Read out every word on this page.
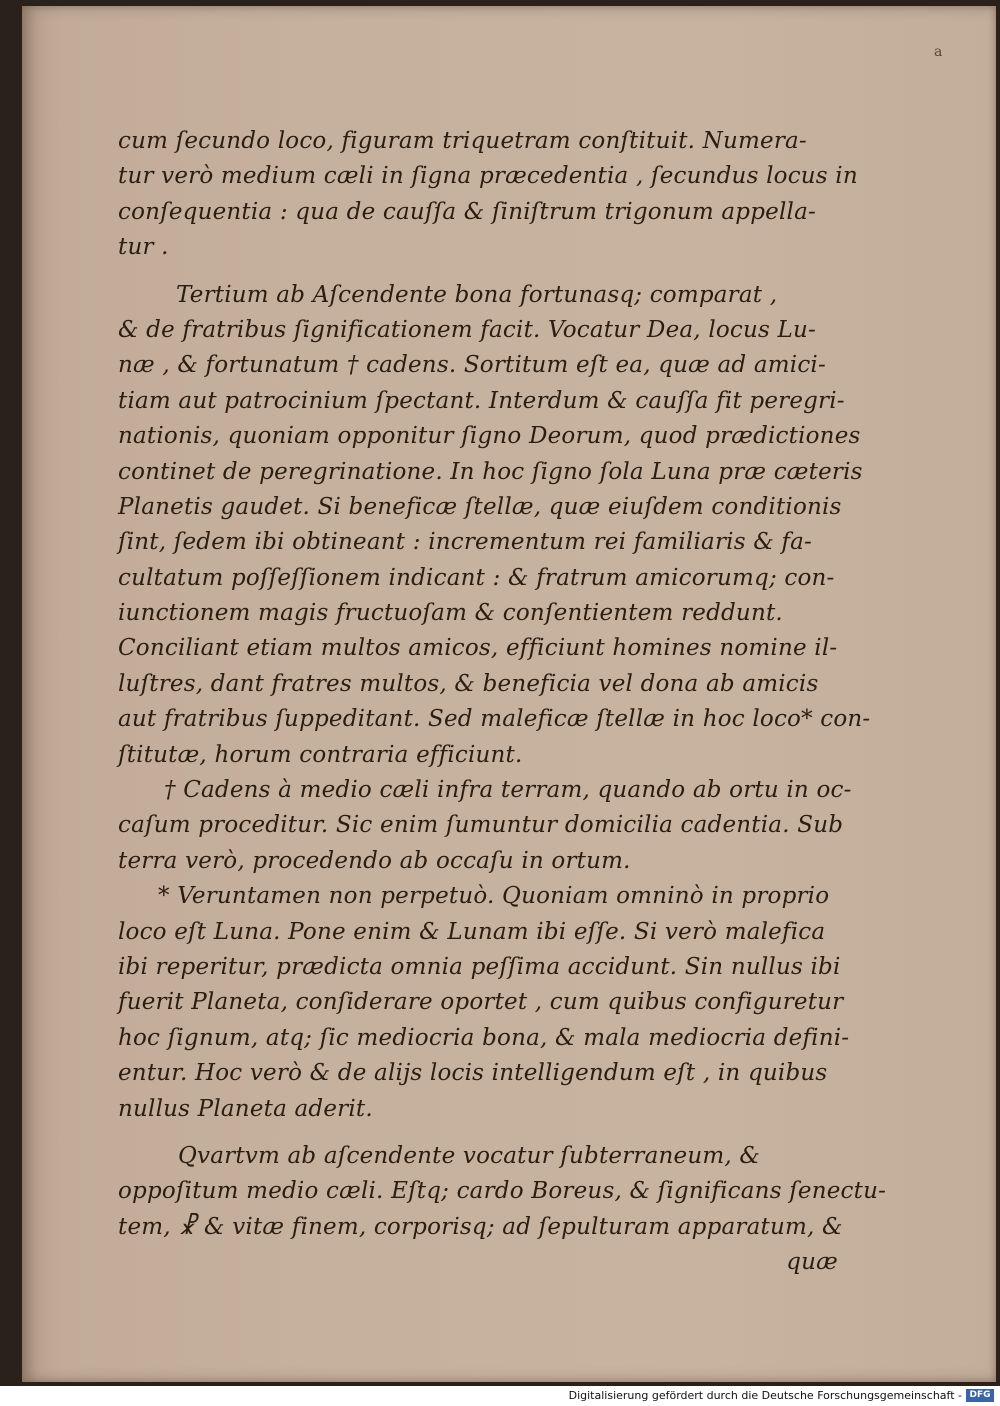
a
cum ſecundo loco, figuram triquetram conſtituit. Numera-
tur verò medium cæli in ſigna præcedentia , ſecundus locus in
conſequentia : qua de cauſſa & ſiniſtrum trigonum appella-
tur .
Tertium ab Aſcendente bona fortunasq; comparat ,
& de fratribus ſignificationem facit. Vocatur Dea, locus Lu-
næ , & fortunatum † cadens. Sortitum eſt ea, quæ ad amici-
tiam aut patrocinium ſpectant. Interdum & cauſſa fit peregri-
nationis, quoniam opponitur ſigno Deorum, quod prædictiones
continet de peregrinatione. In hoc ſigno ſola Luna præ cæteris
Planetis gaudet. Si beneficæ ſtellæ, quæ eiuſdem conditionis
ſint, ſedem ibi obtineant : incrementum rei familiaris & fa-
cultatum poſſeſſionem indicant : & fratrum amicorumq; con-
iunctionem magis fructuoſam & conſentientem reddunt.
Conciliant etiam multos amicos, efficiunt homines nomine il-
luſtres, dant fratres multos, & beneficia vel dona ab amicis
aut fratribus ſuppeditant. Sed maleficæ ſtellæ in hoc loco* con-
ſtitutæ, horum contraria efficiunt.
† Cadens à medio cæli infra terram, quando ab ortu in oc-
caſum proceditur. Sic enim ſumuntur domicilia cadentia. Sub
terra verò, procedendo ab occaſu in ortum.
* Veruntamen non perpetuò. Quoniam omninò in proprio
loco eſt Luna. Pone enim & Lunam ibi eſſe. Si verò malefica
ibi reperitur, prædicta omnia peſſima accidunt. Sin nullus ibi
fuerit Planeta, conſiderare oportet , cum quibus configuretur
hoc ſignum, atq; ſic mediocria bona, & mala mediocria defini-
entur. Hoc verò & de alijs locis intelligendum eſt , in quibus
nullus Planeta aderit.
Qvartvm ab aſcendente vocatur ſubterraneum, &
oppoſitum medio cæli. Eſtq; cardo Boreus, & ſignificans ſenectu-
tem, ☧ & vitæ finem, corporisq; ad ſepulturam apparatum, &
quæ
Digitalisierung gefördert durch die Deutsche Forschungsgemeinschaft - DFG
